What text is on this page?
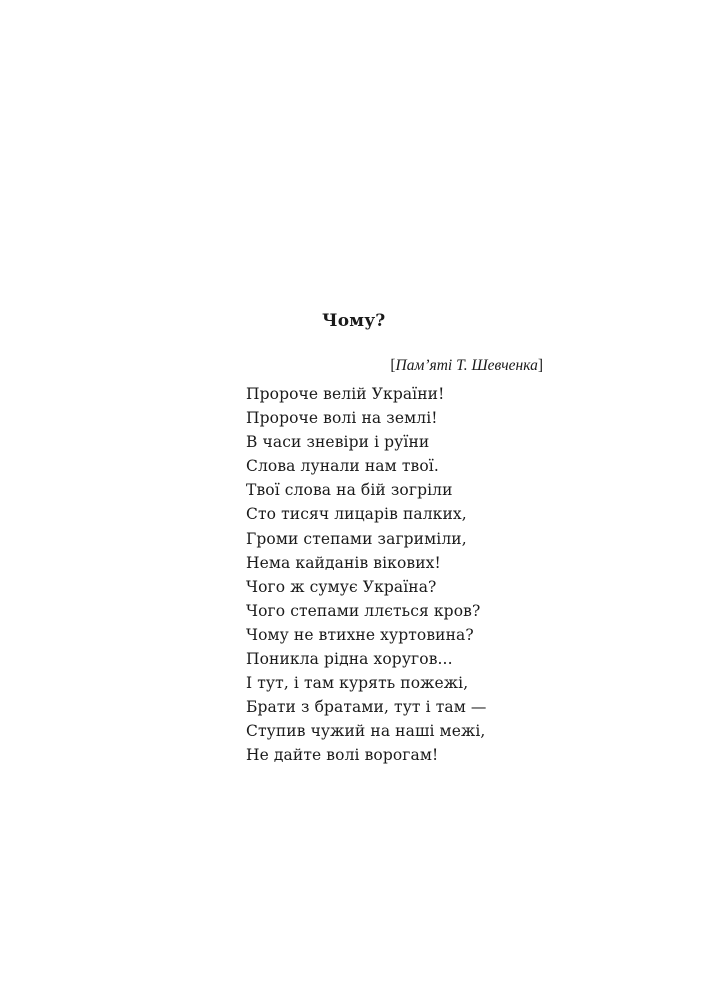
Чому?
[Пам’яті Т. Шевченка]
Пророче велій України!
Пророче волі на землі!
В часи зневіри і руїни
Слова лунали нам твої.
Твої слова на бій зогріли
Сто тисяч лицарів палких,
Громи степами загриміли,
Нема кайданів вікових!
Чого ж сумує Україна?
Чого степами ллється кров?
Чому не втихне хуртовина?
Поникла рідна хоругов...
І тут, і там курять пожежі,
Брати з братами, тут і там —
Ступив чужий на наші межі,
Не дайте волі ворогам!
